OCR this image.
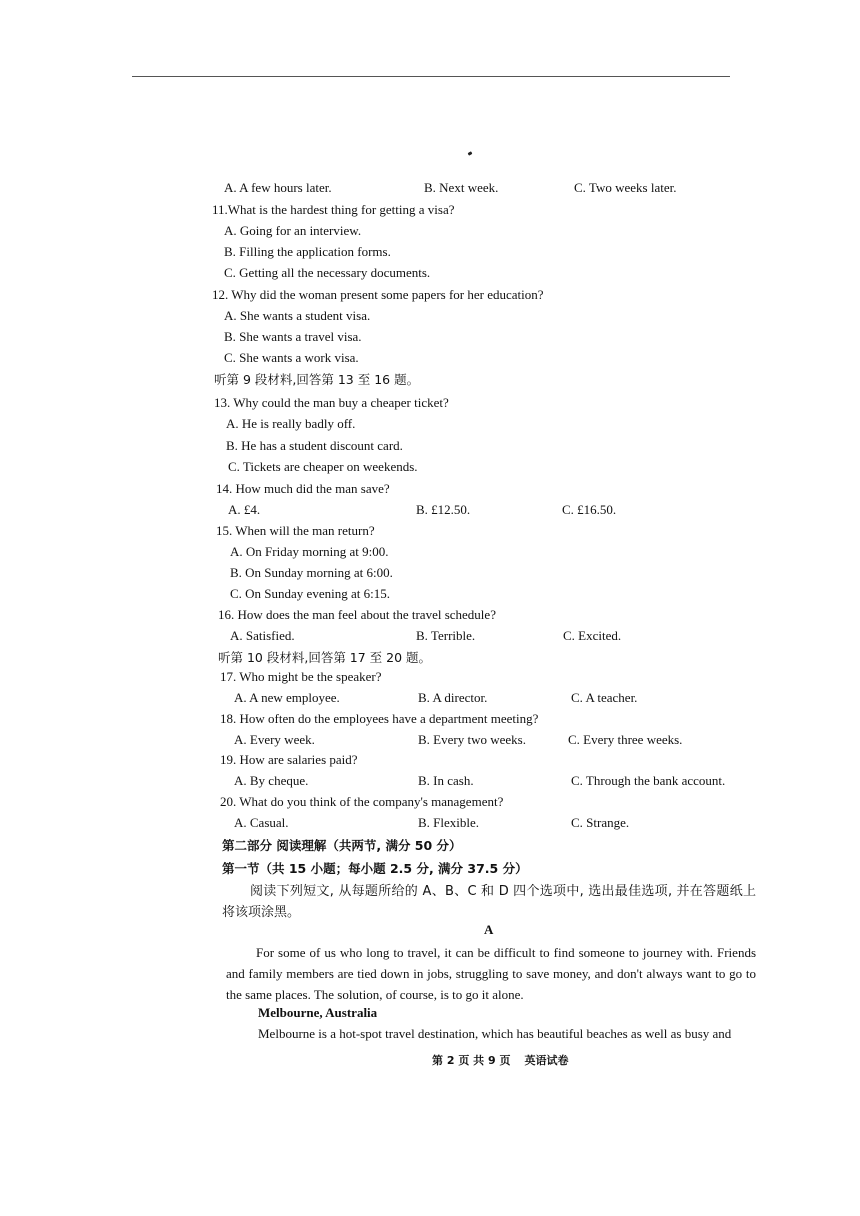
A. A few hours later.	B. Next week.	C. Two weeks later.
11.What is the hardest thing for getting a visa?
A. Going for an interview.
B. Filling the application forms.
C. Getting all the necessary documents.
12. Why did the woman present some papers for her education?
A. She wants a student visa.
B. She wants a travel visa.
C. She wants a work visa.
听第 9 段材料,回答第 13 至 16 题。
13. Why could the man buy a cheaper ticket?
A. He is really badly off.
B. He has a student discount card.
C. Tickets are cheaper on weekends.
14. How much did the man save?
A. £4.	B. £12.50.	C. £16.50.
15. When will the man return?
A. On Friday morning at 9:00.
B. On Sunday morning at 6:00.
C. On Sunday evening at 6:15.
16. How does the man feel about the travel schedule?
A. Satisfied.	B. Terrible.	C. Excited.
听第 10 段材料,回答第 17 至 20 题。
17. Who might be the speaker?
A. A new employee.	B. A director.	C. A teacher.
18. How often do the employees have a department meeting?
A. Every week.	B. Every two weeks.	C. Every three weeks.
19. How are salaries paid?
A. By cheque.	B. In cash.	C. Through the bank account.
20. What do you think of the company's management?
A. Casual.	B. Flexible.	C. Strange.
第二部分 阅读理解（共两节, 满分 50 分）
第一节（共 15 小题；每小题 2.5 分, 满分 37.5 分）
阅读下列短文, 从每题所给的 A、B、C 和 D 四个选项中, 选出最佳选项, 并在答题纸上将该项涂黑。
A
For some of us who long to travel, it can be difficult to find someone to journey with. Friends and family members are tied down in jobs, struggling to save money, and don't always want to go to the same places. The solution, of course, is to go it alone.
Melbourne, Australia
Melbourne is a hot-spot travel destination, which has beautiful beaches as well as busy and
第 2 页 共 9 页 英语试卷
